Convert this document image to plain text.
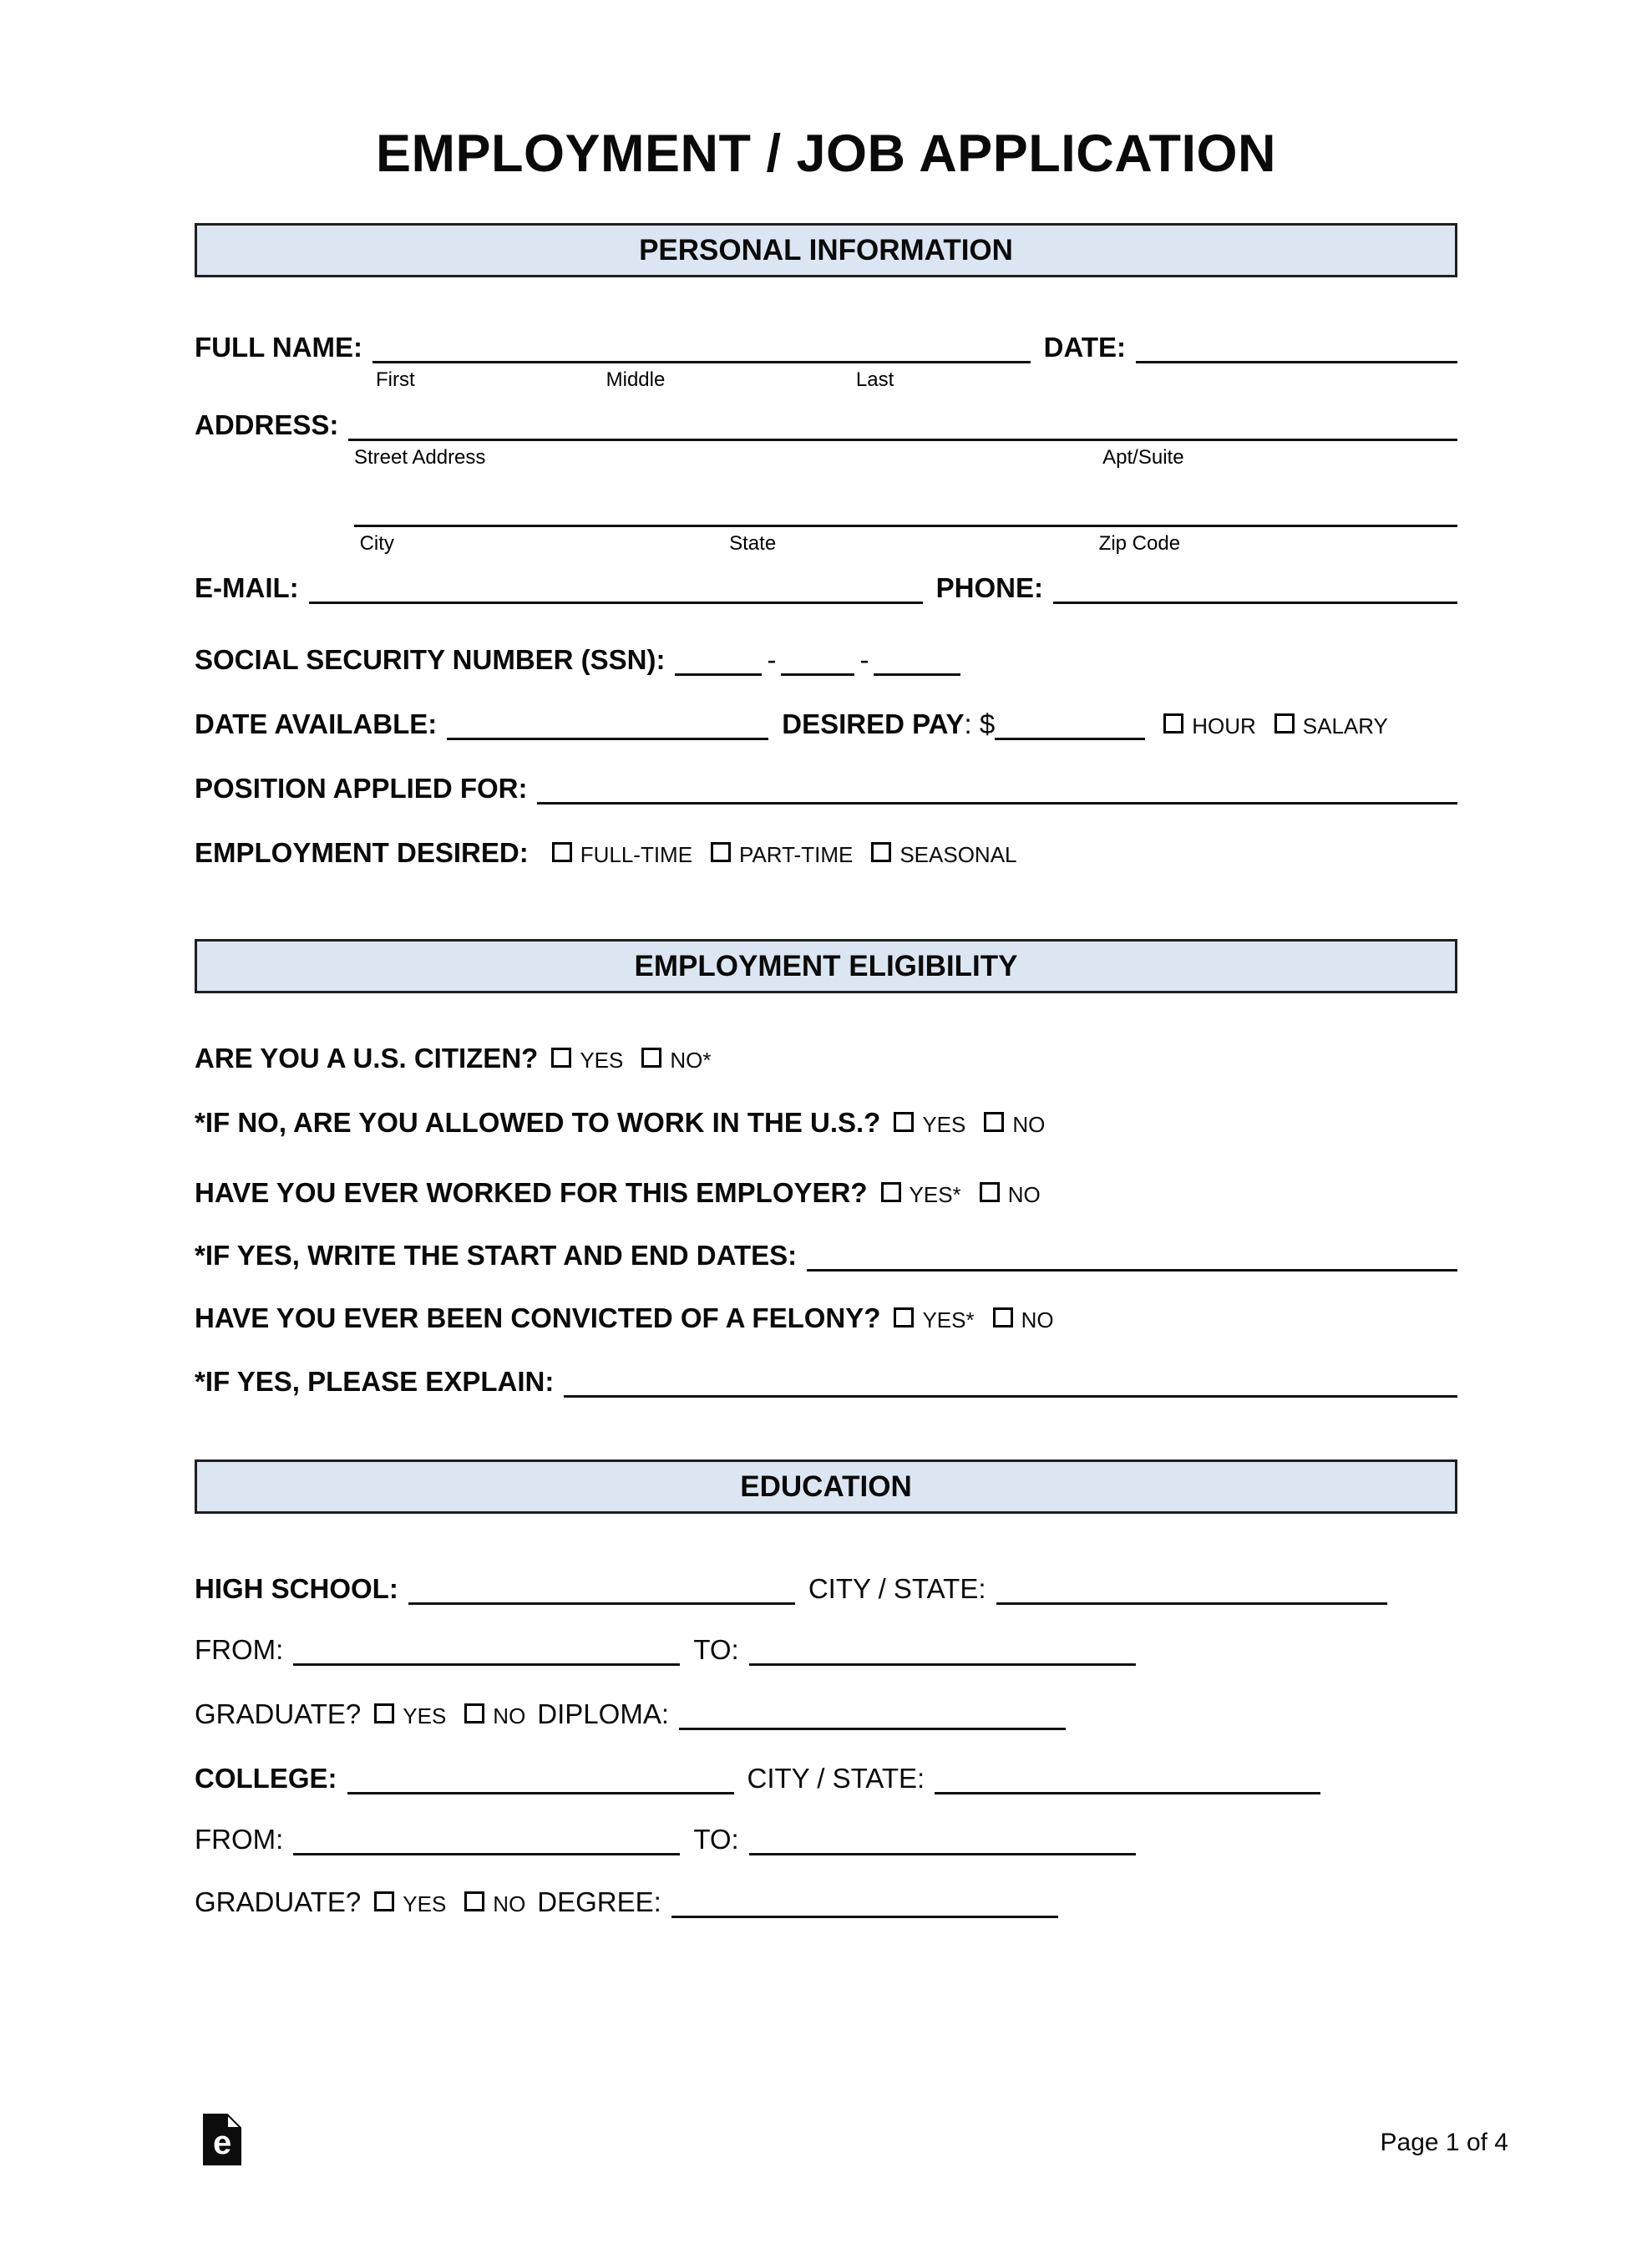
EMPLOYMENT / JOB APPLICATION
PERSONAL INFORMATION
FULL NAME:
First	Middle	Last
DATE:
ADDRESS:
Street Address	Apt/Suite
City	State	Zip Code
E-MAIL:	PHONE:
SOCIAL SECURITY NUMBER (SSN):	-	-
DATE AVAILABLE:	DESIRED PAY : $	HOUR SALARY
POSITION APPLIED FOR:
EMPLOYMENT DESIRED: FULL-TIME PART-TIME SEASONAL
EMPLOYMENT ELIGIBILITY
ARE YOU A U.S. CITIZEN? YES NO*
*IF NO, ARE YOU ALLOWED TO WORK IN THE U.S.? YES NO
HAVE YOU EVER WORKED FOR THIS EMPLOYER? YES* NO
*IF YES, WRITE THE START AND END DATES:
HAVE YOU EVER BEEN CONVICTED OF A FELONY? YES* NO
*IF YES, PLEASE EXPLAIN:
EDUCATION
HIGH SCHOOL:	CITY / STATE:
FROM:	TO:
GRADUATE? YES NO DIPLOMA:
COLLEGE:	CITY / STATE:
FROM:	TO:
GRADUATE? YES NO DEGREE:
e	Page 1 of 4
